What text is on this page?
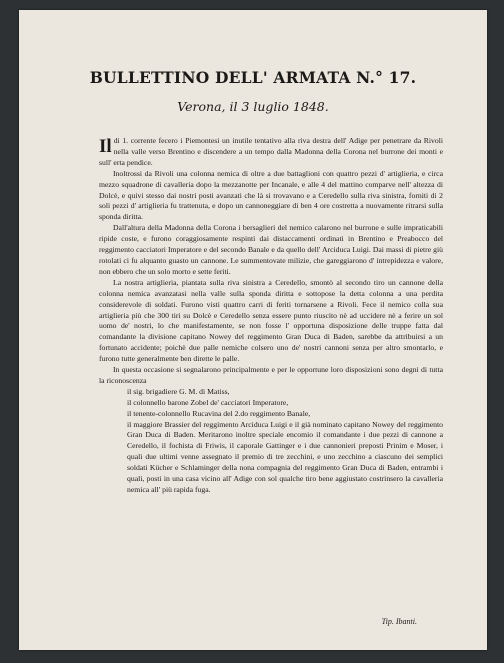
BULLETTINO DELL' ARMATA N.° 17.
Verona, il 3 luglio 1848.

Il di 1. corrente fecero i Piemontesi un inutile tentativo alla riva destra dell' Adige per penetrare da Rivoli nella valle verso Brentino e discendere a un tempo dalla Madonna della Corona nel burrone dei monti e sull' erta pendice.

Inoltrossi da Rivoli una colonna nemica di oltre a due battaglioni con quattro pezzi d' artiglieria, e circa mezzo squadrone di cavalleria dopo la mezzanotte per Incanale, e alle 4 del mattino comparve nell' altezza di Dolcè, e quivi stesso dai nostri posti avanzati che là si trovavano e a Ceredello sulla riva sinistra, forniti di 2 soli pezzi d' artiglieria fu trattenuta, e dopo un cannoneggiare di ben 4 ore costretta a nuovamente ritrarsi sulla sponda diritta.

Dall'altura della Madonna della Corona i bersaglieri del nemico calarono nel burrone e sulle impraticabili ripide coste, e furono coraggiosamente respinti dai distaccamenti ordinati in Brentino e Preabocco del reggimento cacciatori Imperatore e del secondo Banale e da quello dell' Arciduca Luigi. Dai massi di pietre giù rotolati ci fu alquanto guasto un cannone. Le summentovate milizie, che gareggiarono d' intrepidezza e valore, non ebbero che un solo morto e sette feriti.

La nostra artiglieria, piantata sulla riva sinistra a Ceredello, smontò al secondo tiro un cannone della colonna nemica avanzatasi nella valle sulla sponda diritta e sottopose la detta colonna a una perdita considerevole di soldati. Furono visti quattro carri di feriti tornarsene a Rivoli. Fece il nemico colla sua artiglieria più che 300 tiri su Dolcè e Ceredello senza essere punto riuscito nè ad uccidere nè a ferire un sol uomo de' nostri, lo che manifestamente, se non fosse l' opportuna disposizione delle truppe fatta dal comandante la divisione capitano Nowey del reggimento Gran Duca di Baden, sarebbe da attribuirsi a un fortunato accidente; poichè due palle nemiche colsero uno de' nostri cannoni senza per altro smontarlo, e furono tutte generalmente ben dirette le palle.

In questa occasione si segnalarono principalmente e per le opportune loro disposizioni sono degni di tutta la riconoscenza

il sig. brigadiere G. M. di Matiss,

il colonnello barone Zobel de' cacciatori Imperatore,

il tenente-colonnello Rucavina del 2.do reggimento Banale,

il maggiore Brassier del reggimento Arciduca Luigi e il già nominato capitano Nowey del reggimento Gran Duca di Baden. Meritarono inoltre speciale encomio il comandante i due pezzi di cannone a Ceredello, il fochista di Friwis, il caporale Gattinger e i due cannonieri preposti Prinim e Moser, i quali due ultimi venne assegnato il premio di tre zecchini, e uno zecchino a ciascuno dei semplici soldati Kücher e Schlaminger della nona compagnia del reggimento Gran Duca di Baden, entrambi i quali, posti in una casa vicino all' Adige con sol qualche tiro bene aggiustato costrinsero la cavalleria nemica all' più rapida fuga.

Tip. Ibanti.
